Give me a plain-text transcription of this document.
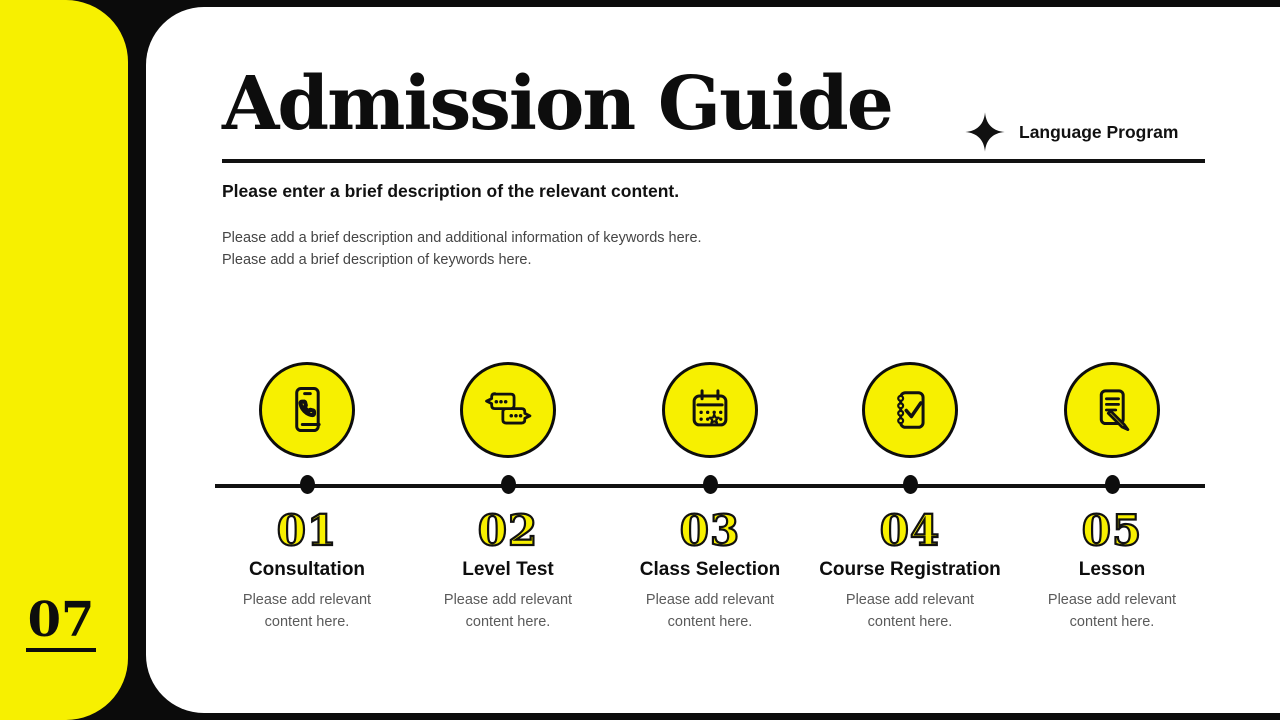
07
Admission Guide	Language Program
Please enter a brief description of the relevant content.
Please add a brief description and additional information of keywords here.
Please add a brief description of keywords here.
01
Consultation
Please add relevant content here.
02
Level Test
Please add relevant content here.
03
Class Selection
Please add relevant content here.
04
Course Registration
Please add relevant content here.
05
Lesson
Please add relevant content here.
